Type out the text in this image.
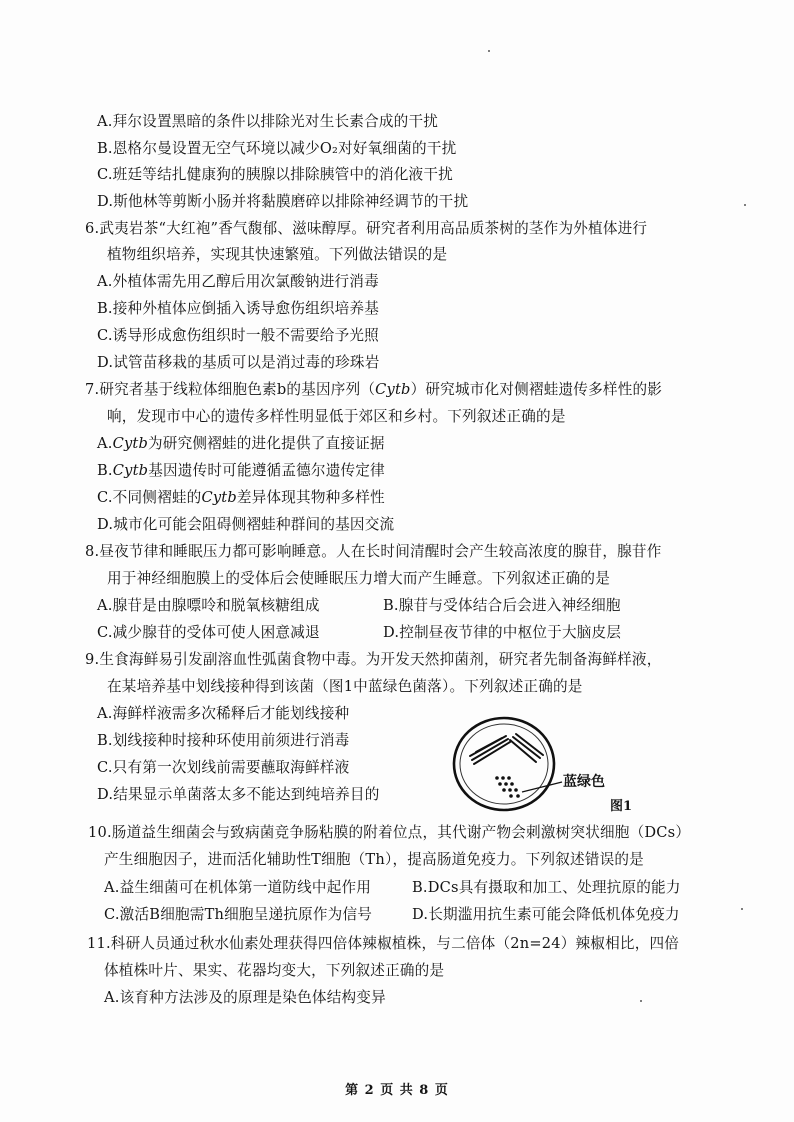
A.拜尔设置黑暗的条件以排除光对生长素合成的干扰
B.恩格尔曼设置无空气环境以减少O₂对好氧细菌的干扰
C.班廷等结扎健康狗的胰腺以排除胰管中的消化液干扰
D.斯他林等剪断小肠并将黏膜磨碎以排除神经调节的干扰
6.武夷岩茶“大红袍”香气馥郁、滋味醇厚。研究者利用高品质茶树的茎作为外植体进行
植物组织培养，实现其快速繁殖。下列做法错误的是
A.外植体需先用乙醇后用次氯酸钠进行消毒
B.接种外植体应倒插入诱导愈伤组织培养基
C.诱导形成愈伤组织时一般不需要给予光照
D.试管苗移栽的基质可以是消过毒的珍珠岩
7.研究者基于线粒体细胞色素b的基因序列（Cytb）研究城市化对侧褶蛙遗传多样性的影
响，发现市中心的遗传多样性明显低于郊区和乡村。下列叙述正确的是
A.Cytb为研究侧褶蛙的进化提供了直接证据
B.Cytb基因遗传时可能遵循孟德尔遗传定律
C.不同侧褶蛙的Cytb差异体现其物种多样性
D.城市化可能会阻碍侧褶蛙种群间的基因交流
8.昼夜节律和睡眠压力都可影响睡意。人在长时间清醒时会产生较高浓度的腺苷，腺苷作
用于神经细胞膜上的受体后会使睡眠压力增大而产生睡意。下列叙述正确的是
A.腺苷是由腺嘌呤和脱氧核糖组成	B.腺苷与受体结合后会进入神经细胞
C.减少腺苷的受体可使人困意减退	D.控制昼夜节律的中枢位于大脑皮层
9.生食海鲜易引发副溶血性弧菌食物中毒。为开发天然抑菌剂，研究者先制备海鲜样液，
在某培养基中划线接种得到该菌（图1中蓝绿色菌落）。下列叙述正确的是
A.海鲜样液需多次稀释后才能划线接种
B.划线接种时接种环使用前须进行消毒
C.只有第一次划线前需要蘸取海鲜样液
D.结果显示单菌落太多不能达到纯培养目的
蓝绿色
图1
10.肠道益生细菌会与致病菌竞争肠粘膜的附着位点，其代谢产物会刺激树突状细胞（DCs）
产生细胞因子，进而活化辅助性T细胞（Th），提高肠道免疫力。下列叙述错误的是
A.益生细菌可在机体第一道防线中起作用	B.DCs具有摄取和加工、处理抗原的能力
C.激活B细胞需Th细胞呈递抗原作为信号	D.长期滥用抗生素可能会降低机体免疫力
11.科研人员通过秋水仙素处理获得四倍体辣椒植株，与二倍体（2n=24）辣椒相比，四倍
体植株叶片、果实、花器均变大，下列叙述正确的是
A.该育种方法涉及的原理是染色体结构变异
第 2 页 共 8 页
